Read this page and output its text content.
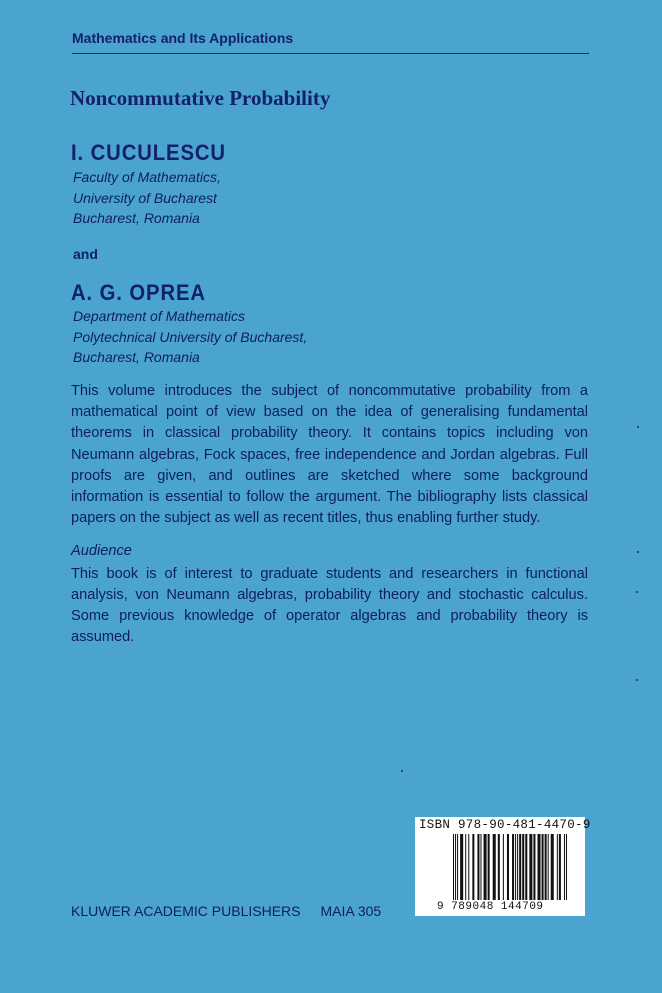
Mathematics and Its Applications
Noncommutative Probability
I. CUCULESCU
Faculty of Mathematics,
University of Bucharest
Bucharest, Romania
and
A. G. OPREA
Department of Mathematics
Polytechnical University of Bucharest,
Bucharest, Romania
This volume introduces the subject of noncommutative probability from a mathematical point of view based on the idea of generalising fundamental theorems in classical probability theory. It contains topics including von Neumann algebras, Fock spaces, free independence and Jordan algebras. Full proofs are given, and outlines are sketched where some background information is essential to follow the argument. The bibliography lists classical papers on the subject as well as recent titles, thus enabling further study.
Audience
This book is of interest to graduate students and researchers in functional analysis, von Neumann algebras, probability theory and stochastic calculus. Some previous knowledge of operator algebras and probability theory is assumed.
KLUWER ACADEMIC PUBLISHERS MAIA 305
ISBN 978-90-481-4470-9
9 789048 144709
